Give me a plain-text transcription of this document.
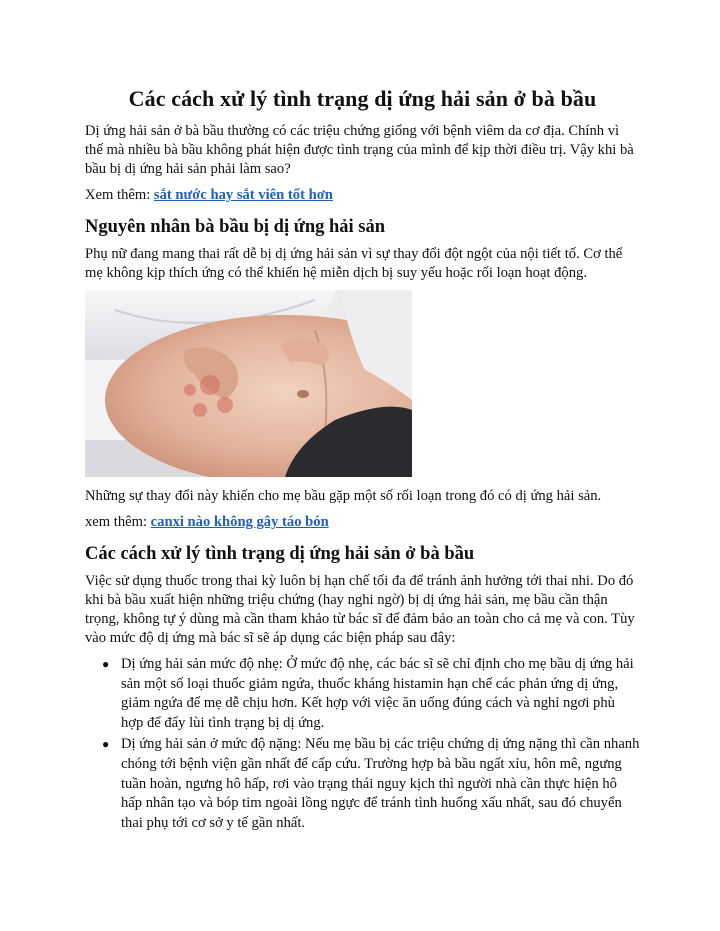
Các cách xử lý tình trạng dị ứng hải sản ở bà bầu

Dị ứng hải sản ở bà bầu thường có các triệu chứng giống với bệnh viêm da cơ địa. Chính vì thế mà nhiều bà bầu không phát hiện được tình trạng của mình để kịp thời điều trị. Vậy khi bà bầu bị dị ứng hải sản phải làm sao?

Xem thêm: sắt nước hay sắt viên tốt hơn

Nguyên nhân bà bầu bị dị ứng hải sản

Phụ nữ đang mang thai rất dễ bị dị ứng hải sản vì sự thay đổi đột ngột của nội tiết tố. Cơ thể mẹ không kịp thích ứng có thể khiến hệ miễn dịch bị suy yếu hoặc rối loạn hoạt động.

Những sự thay đổi này khiến cho mẹ bầu gặp một số rối loạn trong đó có dị ứng hải sản.

xem thêm: canxi nào không gây táo bón

Các cách xử lý tình trạng dị ứng hải sản ở bà bầu

Việc sử dụng thuốc trong thai kỳ luôn bị hạn chế tối đa để tránh ảnh hưởng tới thai nhi. Do đó khi bà bầu xuất hiện những triệu chứng (hay nghi ngờ) bị dị ứng hải sản, mẹ bầu cần thận trọng, không tự ý dùng mà cần tham khảo từ bác sĩ để đảm bảo an toàn cho cả mẹ và con. Tùy vào mức độ dị ứng mà bác sĩ sẽ áp dụng các biện pháp sau đây:

● Dị ứng hải sản mức độ nhẹ: Ở mức độ nhẹ, các bác sĩ sẽ chỉ định cho mẹ bầu dị ứng hải sản một số loại thuốc giảm ngứa, thuốc kháng histamin hạn chế các phản ứng dị ứng, giảm ngứa để mẹ dễ chịu hơn. Kết hợp với việc ăn uống đúng cách và nghỉ ngơi phù hợp để đẩy lùi tình trạng bị dị ứng.
● Dị ứng hải sản ở mức độ nặng: Nếu mẹ bầu bị các triệu chứng dị ứng nặng thì cần nhanh chóng tới bệnh viện gần nhất để cấp cứu. Trường hợp bà bầu ngất xỉu, hôn mê, ngưng tuần hoàn, ngưng hô hấp, rơi vào trạng thái nguy kịch thì người nhà cần thực hiện hô hấp nhân tạo và bóp tim ngoài lồng ngực để tránh tình huống xấu nhất, sau đó chuyển thai phụ tới cơ sở y tế gần nhất.
